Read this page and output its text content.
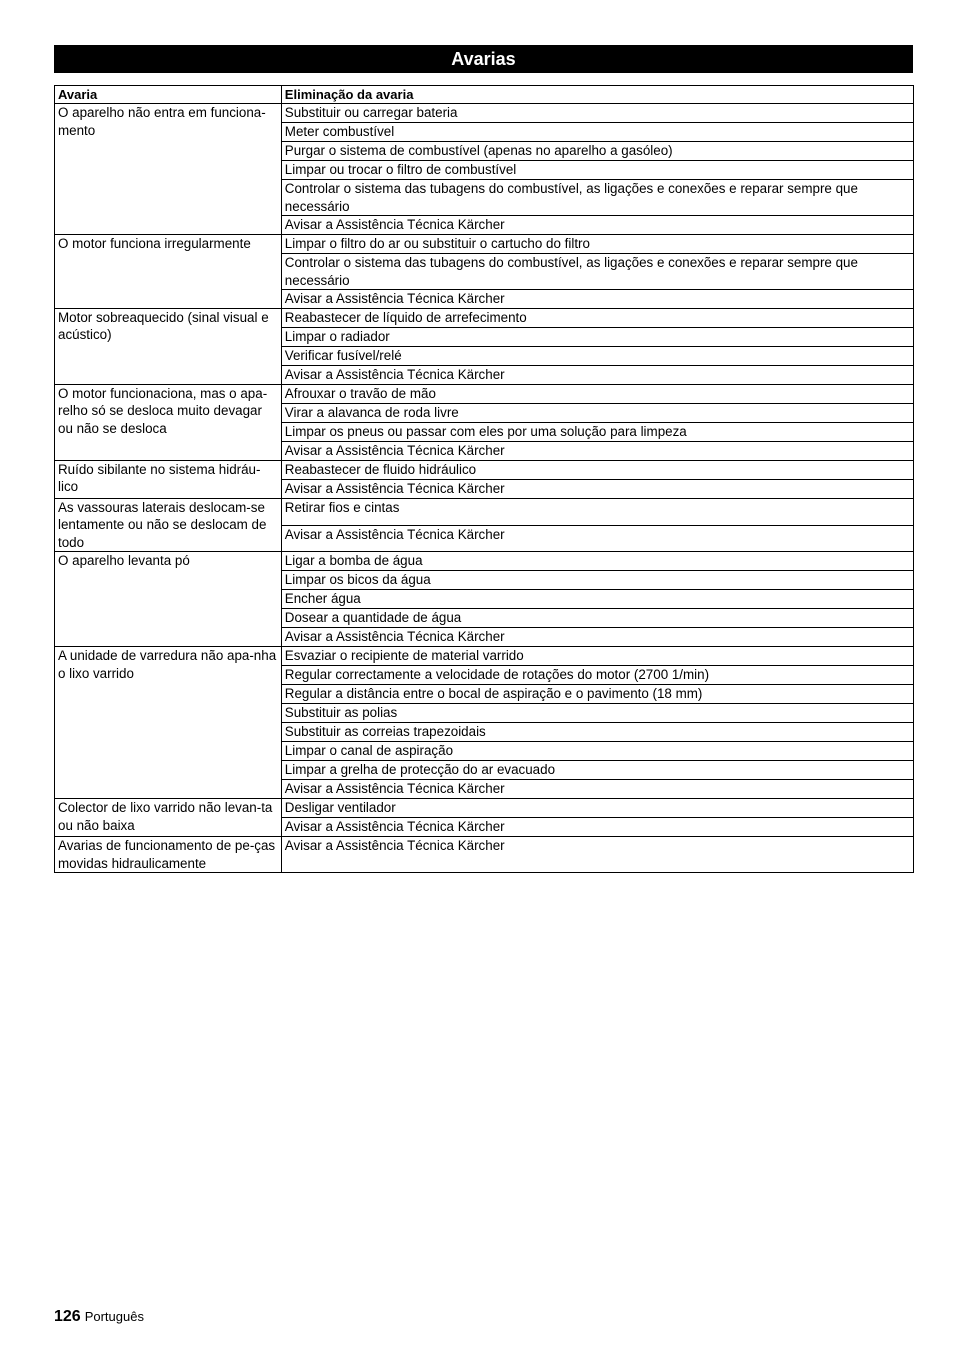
Avarias
Avaria	Eliminação da avaria
O aparelho não entra em funciona-mento	Substituir ou carregar bateria
	Meter combustível
	Purgar o sistema de combustível (apenas no aparelho a gasóleo)
	Limpar ou trocar o filtro de combustível
	Controlar o sistema das tubagens do combustível, as ligações e conexões e reparar sempre que necessário
	Avisar a Assistência Técnica Kärcher
O motor funciona irregularmente	Limpar o filtro do ar ou substituir o cartucho do filtro
	Controlar o sistema das tubagens do combustível, as ligações e conexões e reparar sempre que necessário
	Avisar a Assistência Técnica Kärcher
Motor sobreaquecido (sinal visual e acústico)	Reabastecer de líquido de arrefecimento
	Limpar o radiador
	Verificar fusível/relé
	Avisar a Assistência Técnica Kärcher
O motor funcionaciona, mas o apa-relho só se desloca muito devagar ou não se desloca	Afrouxar o travão de mão
	Virar a alavanca de roda livre
	Limpar os pneus ou passar com eles por uma solução para limpeza
	Avisar a Assistência Técnica Kärcher
Ruído sibilante no sistema hidráu-lico	Reabastecer de fluido hidráulico
	Avisar a Assistência Técnica Kärcher
As vassouras laterais deslocam-se lentamente ou não se deslocam de todo	Retirar fios e cintas
	Avisar a Assistência Técnica Kärcher
O aparelho levanta pó	Ligar a bomba de água
	Limpar os bicos da água
	Encher água
	Dosear a quantidade de água
	Avisar a Assistência Técnica Kärcher
A unidade de varredura não apa-nha o lixo varrido	Esvaziar o recipiente de material varrido
	Regular correctamente a velocidade de rotações do motor (2700 1/min)
	Regular a distância entre o bocal de aspiração e o pavimento (18 mm)
	Substituir as polias
	Substituir as correias trapezoidais
	Limpar o canal de aspiração
	Limpar a grelha de protecção do ar evacuado
	Avisar a Assistência Técnica Kärcher
Colector de lixo varrido não levan-ta ou não baixa	Desligar ventilador
	Avisar a Assistência Técnica Kärcher
Avarias de funcionamento de pe-ças movidas hidraulicamente	Avisar a Assistência Técnica Kärcher
126 Português
